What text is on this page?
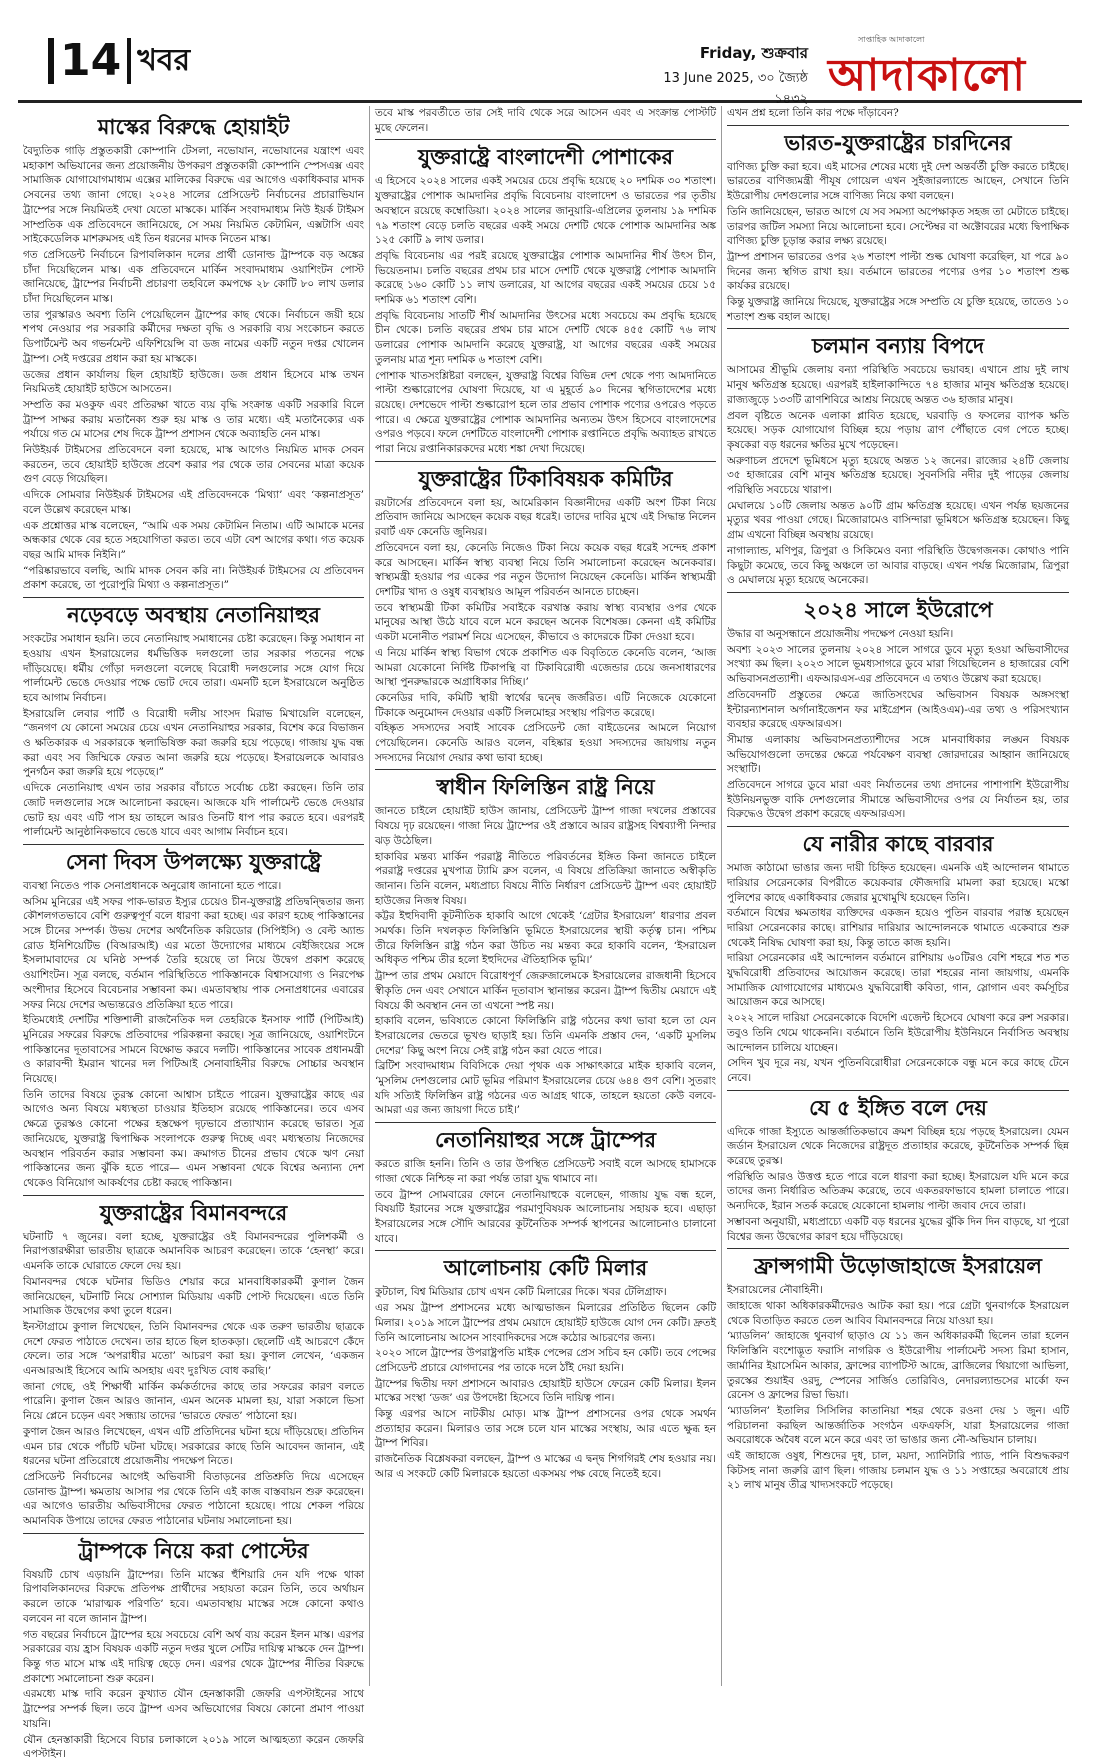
14 খবর	Friday, শুক্রবার
13 June 2025, ৩০ জ্যৈষ্ঠ ১৪৩২
সাপ্তাহিক আদাকালো
আদাকালো
মাস্কের বিরুদ্ধে হোয়াইট

বৈদ্যুতিক গাড়ি প্রস্তুতকারী কোম্পানি টেসলা, নভোযান, নভোযানের যন্ত্রাংশ এবং মহাকাশ অভিযানের জন্য প্রয়োজনীয় উপকরণ প্রস্তুতকারী কোম্পানি স্পেসএক্স এবং সামাজিক যোগাযোগমাধ্যম এক্সের মালিকের বিরুদ্ধে এর আগেও একাধিকবার মাদক সেবনের তথ্য জানা গেছে। ২০২৪ সালের প্রেসিডেন্ট নির্বাচনের প্রচারাভিযান ট্রাম্পের সঙ্গে নিয়মিতই দেখা যেতো মাস্ককে। মার্কিন সংবাদমাধ্যম নিউ ইয়র্ক টাইমস সাম্প্রতিক এক প্রতিবেদনে জানিয়েছে, সে সময় নিয়মিত কেটামিন, এক্সটাসি এবং সাইকেডেলিক মাশরুমসহ এই তিন ধরনের মাদক নিতেন মাস্ক।

গত প্রেসিডেন্ট নির্বাচনে রিপাবলিকান দলের প্রার্থী ডোনাল্ড ট্রাম্পকে বড় অঙ্কের চাঁদা দিয়েছিলেন মাস্ক। এক প্রতিবেদনে মার্কিন সংবাদমাধ্যম ওয়াশিংটন পোস্ট জানিয়েছে, ট্রাম্পের নির্বাচনী প্রচারণা তহবিলে কমপক্ষে ২৮ কোটি ৮০ লাখ ডলার চাঁদা দিয়েছিলেন মাস্ক।

তার পুরস্কারও অবশ্য তিনি পেয়েছিলেন ট্রাম্পের কাছ থেকে। নির্বাচনে জয়ী হয়ে শপথ নেওয়ার পর সরকারি কর্মীদের দক্ষতা বৃদ্ধি ও সরকারি ব্যয় সংকোচন করতে ডিপার্টমেন্ট অব গভর্নমেন্ট এফিশিয়েন্সি বা ডজ নামের একটি নতুন দপ্তর খোলেন ট্রাম্প। সেই দপ্তরের প্রধান করা হয় মাস্ককে।

ডজের প্রধান কার্যালয় ছিল হোয়াইট হাউজে। ডজ প্রধান হিসেবে মাস্ক তখন নিয়মিতই হোয়াইট হাউসে আসতেন।

সম্প্রতি কর মওকুফ এবং প্রতিরক্ষা খাতে ব্যয় বৃদ্ধি সংক্রান্ত একটি সরকারি বিলে ট্রাম্প সাক্ষর করায় মতানৈক্য শুরু হয় মাস্ক ও তার মধ্যে। এই মতানৈক্যের এক পর্যায়ে গত মে মাসের শেষ দিকে ট্রাম্প প্রশাসন থেকে অব্যাহতি নেন মাস্ক।

নিউইয়র্ক টাইমসের প্রতিবেদনে বলা হয়েছে, মাস্ক আগেও নিয়মিত মাদক সেবন করতেন, তবে হোয়াইট হাউজে প্রবেশ করার পর থেকে তার সেবনের মাত্রা কয়েক গুণ বেড়ে গিয়েছিল।

এদিকে সোমবার নিউইয়র্ক টাইমসের এই প্রতিবেদনকে ‘মিথ্যা’ এবং ‘কল্পনাপ্রসূত’ বলে উল্লেখ করেছেন মাস্ক।

এক প্রশ্নোত্তর মাস্ক বলেছেন, “আমি এক সময় কেটামিন নিতাম। এটি আমাকে মনের অন্ধকার থেকে বের হতে সহযোগিতা করত। তবে এটা বেশ আগের কথা। গত কয়েক বছর আমি মাদক নিইনি।”

“পরিষ্কারভাবে বলছি, আমি মাদক সেবন করি না। নিউইয়র্ক টাইমসের যে প্রতিবেদন প্রকাশ করেছে, তা পুরোপুরি মিথ্যা ও কল্পনাপ্রসূত।”

নড়েবড়ে অবস্থায় নেতানিয়াহুর

সংকটের সমাধান হয়নি। তবে নেতানিয়াহু সমাধানের চেষ্টা করেছেন। কিন্তু সমাধান না হওয়ায় এখন ইসরায়েলের ধর্মভিত্তিক দলগুলো তার সরকার পতনের পক্ষে দাঁড়িয়েছে। ধর্মীয় গোঁড়া দলগুলো বলেছে বিরোধী দলগুলোর সঙ্গে যোগ দিয়ে পার্লামেন্ট ভেঙে দেওয়ার পক্ষে ভোট দেবে তারা। এমনটি হলে ইসরায়েলে অনুষ্ঠিত হবে আগাম নির্বাচন।

ইসরায়েলি লেবার পার্টি ও বিরোধী দলীয় সাংসদ মিরাভ মিখায়েলি বলেছেন, “জনগণ যে কোনো সময়ের চেয়ে এখন নেতানিয়াহুর সরকার, বিশেষ করে বিভাজন ও ক্ষতিকারক এ সরকারকে স্থলাভিষিক্ত করা জরুরি হয়ে পড়েছে। গাজায় যুদ্ধ বন্ধ করা এবং সব জিম্মিকে ফেরত আনা জরুরি হয়ে পড়েছে। ইসরায়েলকে আবারও পুনর্গঠন করা জরুরি হয়ে পড়েছে।”

এদিকে নেতানিয়াহু এখন তার সরকার বাঁচাতে সর্বোচ্চ চেষ্টা করছেন। তিনি তার জোট দলগুলোর সঙ্গে আলোচনা করছেন। আজকে যদি পার্লামেন্ট ভেঙে দেওয়ার ভোট হয় এবং এটি পাস হয় তাহলে আরও তিনটি ধাপ পার করতে হবে। এরপরই পার্লামেন্ট আনুষ্ঠানিকভাবে ভেঙে যাবে এবং আগাম নির্বাচন হবে।

সেনা দিবস উপলক্ষ্যে যুক্তরাষ্ট্রে

ব্যবস্থা নিতেও পাক সেনাপ্রধানকে অনুরোধ জানানো হতে পারে।

অসিম মুনিরের এই সফর পাক-ভারত ইস্যুর চেয়েও চীন-যুক্তরাষ্ট্র প্রতিদ্বন্দ্বিতার জন্য কৌশলগতভাবে বেশি গুরুত্বপূর্ণ বলে ধারণা করা হচ্ছে। এর কারণ হচ্ছে পাকিস্তানের সঙ্গে চীনের সম্পর্ক। উভয় দেশের অর্থনৈতিক করিডোর (সিপিইসি) ও বেল্ট অ্যান্ড রোড ইনিশিয়েটিভ (বিআরআই) এর মতো উদ্যোগের মাধ্যমে বেইজিংয়ের সঙ্গে ইসলামাবাদের যে ঘনিষ্ঠ সম্পর্ক তৈরি হয়েছে তা নিয়ে উদ্বেগ প্রকাশ করেছে ওয়াশিংটন। সূত্র বলছে, বর্তমান পরিস্থিতিতে পাকিস্তানকে বিশ্বাসযোগ্য ও নিরপেক্ষ অংশীদার হিসেবে বিবেচনার সম্ভাবনা কম। এমতাবস্থায় পাক সেনাপ্রধানের এবারের সফর নিয়ে দেশের অভ্যন্তরেও প্রতিক্রিয়া হতে পারে।

ইতিমধ্যেই দেশটির শক্তিশালী রাজনৈতিক দল তেহরিকে ইনসাফ পার্টি (পিটিআই) মুনিরের সফরের বিরুদ্ধে প্রতিবাদের পরিকল্পনা করছে। সূত্র জানিয়েছে, ওয়াশিংটনে পাকিস্তানের দূতাবাসের সামনে বিক্ষোভ করবে দলটি। পাকিস্তানের সাবেক প্রধানমন্ত্রী ও কারাবন্দী ইমরান খানের দল পিটিআই সেনাবাহিনীর বিরুদ্ধে সোচ্চার অবস্থান নিয়েছে।

তিনি তাদের বিষয়ে তুরস্ক কোনো আশ্বাস চাইতে পারেন। যুক্তরাষ্ট্রের কাছে এর আগেও অন্য বিষয়ে মধ্যস্থতা চাওয়ার ইতিহাস রয়েছে পাকিস্তানের। তবে এসব ক্ষেত্রে তুরস্কও কোনো পক্ষের হস্তক্ষেপ দৃঢ়ভাবে প্রত্যাখ্যান করেছে ভারত। সূত্র জানিয়েছে, যুক্তরাষ্ট্র দ্বিপাক্ষিক সংলাপকে গুরুত্ব দিচ্ছে এবং মধ্যস্থতায় নিজেদের অবস্থান পরিবর্তন করার সম্ভাবনা কম। ক্রমাগত চীনের প্রভাব থেকে ঋণ নেয়া পাকিস্তানের জন্য ঝুঁকি হতে পারে— এমন সম্ভাবনা থেকে বিশ্বের অন্যান্য দেশ থেকেও বিনিয়োগ আকর্ষণের চেষ্টা করছে পাকিস্তান।

যুক্তরাষ্ট্রের বিমানবন্দরে

ঘটনাটি ৭ জুনের। বলা হচ্ছে, যুক্তরাষ্ট্রের ওই বিমানবন্দরের পুলিশকর্মী ও নিরাপত্তারক্ষীরা ভারতীয় ছাত্রকে অমানবিক আচরণ করেছেন। তাকে ‘হেনস্থা’ করে। এমনকি তাকে ঘোরাতে ফেলে দেয় হয়।

বিমানবন্দর থেকে ঘটনার ভিডিও শেয়ার করে মানবাধিকারকর্মী কুণাল জৈন জানিয়েছেন, ঘটনাটি নিয়ে সোশ্যাল মিডিয়ায় একটি পোস্ট দিয়েছেন। এতে তিনি সামাজিক উদ্বেগের কথা তুলে ধরেন।

ইনস্টাগ্রামে কুণাল লিখেছেন, তিনি বিমানবন্দর থেকে এক তরুণ ভারতীয় ছাত্রকে দেশে ফেরত পাঠাতে দেখেন। তার হাতে ছিল হাতকড়া। ছেলেটি এই আচরণে কেঁদে ফেলে। তার সঙ্গে ‘অপরাধীর মতো’ আচরণ করা হয়। কুণাল লেখেন, ‘একজন এনআরআই হিসেবে আমি অসহায় এবং দুঃখিত বোধ করছি।’

জানা গেছে, ওই শিক্ষার্থী মার্কিন কর্মকর্তাদের কাছে তার সফরের কারণ বলতে পারেনি। কুণাল জৈন আরও জানান, এমন অনেক মামলা হয়, যারা সকালে ভিসা নিয়ে প্লেনে চড়েন এবং সন্ধ্যায় তাদের ‘ভারতে ফেরত’ পাঠানো হয়।

কুণাল জৈন আরও লিখেছেন, এখন এটি প্রতিদিনের ঘটনা হয়ে দাঁড়িয়েছে। প্রতিদিন এমন চার থেকে পাঁচটি ঘটনা ঘটছে। সরকারের কাছে তিনি আবেদন জানান, এই ধরনের ঘটনা প্রতিরোধে প্রয়োজনীয় পদক্ষেপ নিতে।

প্রেসিডেন্ট নির্বাচনের আগেই অভিবাসী বিতাড়নের প্রতিশ্রুতি দিয়ে এসেছেন ডোনাল্ড ট্রাম্প। ক্ষমতায় আসার পর থেকে তিনি এই কাজ বাস্তবায়ন শুরু করেছেন। এর আগেও ভারতীয় অভিবাসীদের ফেরত পাঠানো হয়েছে। পায়ে শেকল পরিয়ে অমানবিক উপায়ে তাদের ফেরত পাঠানোর ঘটনায় সমালোচনা হয়।

ট্রাম্পকে নিয়ে করা পোস্টের

বিষয়টি চোখ এড়ায়নি ট্রাম্পের। তিনি মাস্কের হুঁশিয়ারি দেন যদি পক্ষে থাকা রিপাবলিকানদের বিরুদ্ধে প্রতিপক্ষ প্রার্থীদের সহায়তা করেন তিনি, তবে অর্থায়ন করলে তাকে ‘মারাত্মক পরিণতি’ হবে। এমতাবস্থায় মাস্কের সঙ্গে কোনো কথাও বলবেন না বলে জানান ট্রাম্প।

গত বছরের নির্বাচনে ট্রাম্পের হয়ে সবচেয়ে বেশি অর্থ ব্যয় করেন ইলন মাস্ক। এরপর সরকারের ব্যয় হ্রাস বিষয়ক একটি নতুন দপ্তর খুলে সেটির দায়িত্ব মাস্ককে দেন ট্রাম্প। কিন্তু গত মাসে মাস্ক এই দায়িত্ব ছেড়ে দেন। এরপর থেকে ট্রাম্পের নীতির বিরুদ্ধে প্রকাশ্যে সমালোচনা শুরু করেন।

এরমধ্যে মাস্ক দাবি করেন কুখ্যাত যৌন হেনস্তাকারী জেফরি এপস্টাইনের সাথে ট্রাম্পের সম্পর্ক ছিল। তবে ট্রাম্প এসব অভিযোগের বিষয়ে কোনো প্রমাণ পাওয়া যায়নি।

যৌন হেনস্তাকারী হিসেবে বিচার চলাকালে ২০১৯ সালে আত্মহত্যা করেন জেফরি এপস্টাইন।

তবে মাস্ক পরবর্তীতে তার সেই দাবি থেকে সরে আসেন এবং এ সংক্রান্ত পোস্টটি মুছে ফেলেন।

যুক্তরাষ্ট্রে বাংলাদেশী পোশাকের

এ হিসেবে ২০২৪ সালের একই সময়ের চেয়ে প্রবৃদ্ধি হয়েছে ২০ দশমিক ৩০ শতাংশ। যুক্তরাষ্ট্রের পোশাক আমদানির প্রবৃদ্ধি বিবেচনায় বাংলাদেশ ও ভারতের পর তৃতীয় অবস্থানে রয়েছে কম্বোডিয়া। ২০২৪ সালের জানুয়ারি-এপ্রিলের তুলনায় ১৯ দশমিক ৭৯ শতাংশ বেড়ে চলতি বছরের একই সময়ে দেশটি থেকে পোশাক আমদানির অঙ্ক ১২৫ কোটি ৯ লাখ ডলার।

প্রবৃদ্ধি বিবেচনায় এর পরই রয়েছে যুক্তরাষ্ট্রের পোশাক আমদানির শীর্ষ উৎস চীন, ভিয়েতনাম। চলতি বছরের প্রথম চার মাসে দেশটি থেকে যুক্তরাষ্ট্র পোশাক আমদানি করেছে ১৬০ কোটি ১১ লাখ ডলারের, যা আগের বছরের একই সময়ের চেয়ে ১৫ দশমিক ৬১ শতাংশ বেশি।

প্রবৃদ্ধি বিবেচনায় সাতটি শীর্ষ আমদানির উৎসের মধ্যে সবচেয়ে কম প্রবৃদ্ধি হয়েছে চীন থেকে। চলতি বছরের প্রথম চার মাসে দেশটি থেকে ৪৫৫ কোটি ৭৬ লাখ ডলারের পোশাক আমদানি করেছে যুক্তরাষ্ট্র, যা আগের বছরের একই সময়ের তুলনায় মাত্র শূন্য দশমিক ৬ শতাংশ বেশি।

পোশাক খাতসংশ্লিষ্টরা বলছেন, যুক্তরাষ্ট্র বিশ্বের বিভিন্ন দেশ থেকে পণ্য আমদানিতে পাল্টা শুল্কারোপের ঘোষণা দিয়েছে, যা এ মুহূর্তে ৯০ দিনের স্থগিতাদেশের মধ্যে রয়েছে। দেশভেদে পাল্টা শুল্কারোপ হলে তার প্রভাব পোশাক পণ্যের ওপরেও পড়তে পারে। এ ক্ষেত্রে যুক্তরাষ্ট্রের পোশাক আমদানির অন্যতম উৎস হিসেবে বাংলাদেশের ওপরও পড়বে। ফলে দেশটিতে বাংলাদেশী পোশাক রপ্তানিতে প্রবৃদ্ধি অব্যাহত রাখতে পারা নিয়ে রপ্তানিকারকদের মধ্যে শঙ্কা দেখা দিয়েছে।

যুক্তরাষ্ট্রের টিকাবিষয়ক কমিটির

রয়টার্সের প্রতিবেদনে বলা হয়, আমেরিকান বিজ্ঞানীদের একটি অংশ টিকা নিয়ে প্রতিবাদ জানিয়ে আসছেন কয়েক বছর ধরেই। তাদের দাবির মুখে এই সিদ্ধান্ত নিলেন রবার্ট এফ কেনেডি জুনিয়র।

প্রতিবেদনে বলা হয়, কেনেডি নিজেও টিকা নিয়ে কয়েক বছর ধরেই সন্দেহ প্রকাশ করে আসছেন। মার্কিন স্বাস্থ্য ব্যবস্থা নিয়ে তিনি সমালোচনা করেছেন অনেকবার। স্বাস্থ্যমন্ত্রী হওয়ার পর একের পর নতুন উদ্যোগ নিয়েছেন কেনেডি। মার্কিন স্বাস্থ্যমন্ত্রী দেশটির খাদ্য ও ওষুধ ব্যবস্থায়ও আমূল পরিবর্তন আনতে চাচ্ছেন।

তবে স্বাস্থ্যমন্ত্রী টিকা কমিটির সবাইকে বরখাস্ত করায় স্বাস্থ্য ব্যবস্থার ওপর থেকে মানুষের আস্থা উঠে যাবে বলে মনে করছেন অনেক বিশেষজ্ঞ। কেননা এই কমিটির একটা মনোনীত পরামর্শ নিয়ে এসেছেন, কীভাবে ও কাদেরকে টিকা দেওয়া হবে।

এ নিয়ে মার্কিন স্বাস্থ্য বিভাগ থেকে প্রকাশিত এক বিবৃতিতে কেনেডি বলেন, ‘আজ আমরা যেকোনো নির্দিষ্ট টিকাপন্থি বা টিকাবিরোধী এজেন্ডার চেয়ে জনসাধারণের আস্থা পুনরুদ্ধারকে অগ্রাধিকার দিচ্ছি।’

কেনেডির দাবি, কমিটি স্থায়ী স্বার্থের দ্বন্দ্বে জর্জরিত। এটি নিজেকে যেকোনো টিকাকে অনুমোদন দেওয়ার একটি সিলমোহর সংস্থায় পরিণত করেছে।

বহিষ্কৃত সদস্যদের সবাই সাবেক প্রেসিডেন্ট জো বাইডেনের আমলে নিয়োগ পেয়েছিলেন। কেনেডি আরও বলেন, বহিষ্কার হওয়া সদস্যদের জায়গায় নতুন সদস্যদের নিয়োগ দেয়ার কথা ভাবা হচ্ছে।

স্বাধীন ফিলিস্তিন রাষ্ট্র নিয়ে

জানতে চাইলে হোয়াইট হাউস জানায়, প্রেসিডেন্ট ট্রাম্প গাজা দখলের প্রস্তাবের বিষয়ে দৃঢ় রয়েছেন। গাজা নিয়ে ট্রাম্পের ওই প্রস্তাবে আরব রাষ্ট্রসহ বিশ্বব্যাপী নিন্দার ঝড় উঠেছিল।

হাকাবির মন্তব্য মার্কিন পররাষ্ট্র নীতিতে পরিবর্তনের ইঙ্গিত কিনা জানতে চাইলে পররাষ্ট্র দপ্তরের মুখপাত্র ট্যামি ব্রুস বলেন, এ বিষয়ে প্রতিক্রিয়া জানাতে অস্বীকৃতি জানান। তিনি বলেন, মধ্যপ্রাচ্য বিষয়ে নীতি নির্ধারণ প্রেসিডেন্ট ট্রাম্প এবং হোয়াইট হাউজের নিজস্ব বিষয়।

কট্টর ইহুদিবাদী কূটনীতিক হাকাবি আগে থেকেই ‘গ্রেটার ইসরায়েল’ ধারণার প্রবল সমর্থক। তিনি দখলকৃত ফিলিস্তিনি ভূমিতে ইসরায়েলের স্থায়ী কর্তৃত্ব চান। পশ্চিম তীরে ফিলিস্তিন রাষ্ট্র গঠন করা উচিত নয় মন্তব্য করে হাকাবি বলেন, ‘ইসরায়েল অধিকৃত পশ্চিম তীর হলো ইহুদিদের ঐতিহাসিক ভূমি।’

ট্রাম্প তার প্রথম মেয়াদে বিরোধপূর্ণ জেরুজালেমকে ইসরায়েলের রাজধানী হিসেবে স্বীকৃতি দেন এবং সেখানে মার্কিন দূতাবাস স্থানান্তর করেন। ট্রাম্প দ্বিতীয় মেয়াদে এই বিষয়ে কী অবস্থান নেন তা এখনো স্পষ্ট নয়।

হাকাবি বলেন, ভবিষ্যতে কোনো ফিলিস্তিনি রাষ্ট্র গঠনের কথা ভাবা হলে তা যেন ইসরায়েলের ভেতরে ভূখণ্ড ছাড়াই হয়। তিনি এমনকি প্রস্তাব দেন, ‘একটি মুসলিম দেশের’ কিছু অংশ নিয়ে সেই রাষ্ট্র গঠন করা যেতে পারে।

ব্রিটিশ সংবাদমাধ্যম বিবিসিকে দেয়া পৃথক এক সাক্ষাৎকারে মাইক হাকাবি বলেন, ‘মুসলিম দেশগুলোর মোট ভূমির পরিমাণ ইসরায়েলের চেয়ে ৬৪৪ গুণ বেশি। সুতরাং যদি সত্যিই ফিলিস্তিন রাষ্ট্র গঠনের এত আগ্রহ থাকে, তাহলে হয়তো কেউ বলবে-আমরা এর জন্য জায়গা দিতে চাই।’

নেতানিয়াহুর সঙ্গে ট্রাম্পের

করতে রাজি হননি। তিনি ও তার উপস্থিত প্রেসিডেন্ট সবাই বলে আসছে হামাসকে গাজা থেকে নিশ্চিহ্ন না করা পর্যন্ত তারা যুদ্ধ থামাবে না।

তবে ট্রাম্প সোমবারের ফোনে নেতানিয়াহুকে বলেছেন, গাজায় যুদ্ধ বন্ধ হলে, বিষয়টি ইরানের সঙ্গে যুক্তরাষ্ট্রের পরমাণুবিষয়ক আলোচনায় সহায়ক হবে। এছাড়া ইসরায়েলের সঙ্গে সৌদি আরবের কূটনৈতিক সম্পর্ক স্থাপনের আলোচনাও চালানো যাবে।

আলোচনায় কেটি মিলার

কুটচাল, বিশ্ব মিডিয়ার চোখ এখন কেটি মিলারের দিকে। খবর টেলিগ্রাফ।

এর সময় ট্রাম্প প্রশাসনের মধ্যে আত্মভাজন মিলারের প্রতিষ্ঠিত ছিলেন কেটি মিলার। ২০১৯ সালে ট্রাম্পের প্রথম মেয়াদে হোয়াইট হাউজে যোগ দেন কেটি। দ্রুতই তিনি আলোচনায় আসেন সাংবাদিকদের সঙ্গে কঠোর আচরণের জন্য।

২০২০ সালে ট্রাম্পের উপরাষ্ট্রপতি মাইক পেন্সের প্রেস সচিব হন কেটি। তবে পেন্সের প্রেসিডেন্ট প্রচারে যোগদানের পর তাকে দলে ঠাঁই দেয়া হয়নি।

ট্রাম্পের দ্বিতীয় দফা প্রশাসনে আবারও হোয়াইট হাউসে ফেরেন কেটি মিলার। ইলন মাস্কের সংস্থা ‘ডজ’ এর উপদেষ্টা হিসেবে তিনি দায়িত্ব পান।

কিন্তু এরপর আসে নাটকীয় মোড়। মাস্ক ট্রাম্প প্রশাসনের ওপর থেকে সমর্থন প্রত্যাহার করেন। মিলারও তার সঙ্গে চলে যান মাস্কের সংস্থায়, আর এতে ক্ষুব্ধ হন ট্রাম্প শিবির।

রাজনৈতিক বিশ্লেষকরা বলছেন, ট্রাম্প ও মাস্কের এ দ্বন্দ্ব শিগগিরই শেষ হওয়ার নয়। আর এ সংকটে কেটি মিলারকে হয়তো একসময় পক্ষ বেছে নিতেই হবে।

এখন প্রশ্ন হলো তিনি কার পক্ষে দাঁড়াবেন?

ভারত-যুক্তরাষ্ট্রের চারদিনের

বাণিজ্য চুক্তি করা হবে। এই মাসের শেষের মধ্যে দুই দেশ অন্তর্বর্তী চুক্তি করতে চাইছে। ভারতের বাণিজ্যমন্ত্রী পীযূষ গোয়েল এখন সুইজারল্যান্ডে আছেন, সেখানে তিনি ইউরোপীয় দেশগুলোর সঙ্গে বাণিজ্য নিয়ে কথা বলছেন।

তিনি জানিয়েছেন, ভারত আগে যে সব সমস্যা অপেক্ষাকৃত সহজ তা মেটাতে চাইছে। তারপর জটিল সমস্যা নিয়ে আলোচনা হবে। সেপ্টেম্বর বা অক্টোবরের মধ্যে দ্বিপাক্ষিক বাণিজ্য চুক্তি চূড়ান্ত করার লক্ষ্য রয়েছে।

ট্রাম্প প্রশাসন ভারতের ওপর ২৬ শতাংশ পাল্টা শুল্ক ঘোষণা করেছিল, যা পরে ৯০ দিনের জন্য স্থগিত রাখা হয়। বর্তমানে ভারতের পণ্যের ওপর ১০ শতাংশ শুল্ক কার্যকর রয়েছে।

কিন্তু যুক্তরাষ্ট্র জানিয়ে দিয়েছে, যুক্তরাষ্ট্রের সঙ্গে সম্প্রতি যে চুক্তি হয়েছে, তাতেও ১০ শতাংশ শুল্ক বহাল আছে।

চলমান বন্যায় বিপদে

আসামের শ্রীভূমি জেলায় বন্যা পরিস্থিতি সবচেয়ে ভয়াবহ। এখানে প্রায় দুই লাখ মানুষ ক্ষতিগ্রস্ত হয়েছে। এরপরই হাইলাকান্দিতে ৭৪ হাজার মানুষ ক্ষতিগ্রস্ত হয়েছে। রাজ্যজুড়ে ১৩৩টি ত্রাণশিবিরে আশ্রয় নিয়েছে অন্তত ৩৬ হাজার মানুষ।

প্রবল বৃষ্টিতে অনেক এলাকা প্লাবিত হয়েছে, ঘরবাড়ি ও ফসলের ব্যাপক ক্ষতি হয়েছে। সড়ক যোগাযোগ বিচ্ছিন্ন হয়ে পড়ায় ত্রাণ পৌঁছাতে বেগ পেতে হচ্ছে। কৃষকেরা বড় ধরনের ক্ষতির মুখে পড়েছেন।

অরুণাচল প্রদেশে ভূমিধসে মৃত্যু হয়েছে অন্তত ১২ জনের। রাজ্যের ২৪টি জেলায় ৩৫ হাজারের বেশি মানুষ ক্ষতিগ্রস্ত হয়েছে। সুবনসিরি নদীর দুই পাড়ের জেলায় পরিস্থিতি সবচেয়ে খারাপ।

মেঘালয়ে ১০টি জেলায় অন্তত ৯০টি গ্রাম ক্ষতিগ্রস্ত হয়েছে। এখন পর্যন্ত ছয়জনের মৃত্যুর খবর পাওয়া গেছে। মিজোরামেও বাসিন্দারা ভূমিধসে ক্ষতিগ্রস্ত হয়েছেন। কিছু গ্রাম এখনো বিচ্ছিন্ন অবস্থায় রয়েছে।

নাগাল্যান্ড, মণিপুর, ত্রিপুরা ও সিকিমেও বন্যা পরিস্থিতি উদ্বেগজনক। কোথাও পানি কিছুটা কমেছে, তবে কিছু অঞ্চলে তা আবার বাড়ছে। এখন পর্যন্ত মিজোরাম, ত্রিপুরা ও মেঘালয়ে মৃত্যু হয়েছে অনেকের।

২০২৪ সালে ইউরোপে

উদ্ধার বা অনুসন্ধানে প্রয়োজনীয় পদক্ষেপ নেওয়া হয়নি।

অবশ্য ২০২৩ সালের তুলনায় ২০২৪ সালে সাগরে ডুবে মৃত্যু হওয়া অভিবাসীদের সংখ্যা কম ছিল। ২০২৩ সালে ভূমধ্যসাগরে ডুবে মারা গিয়েছিলেন ৪ হাজারের বেশি অভিবাসনপ্রত্যাশী। এফআরএস-এর প্রতিবেদনে এ তথ্যও উল্লেখ করা হয়েছে।

প্রতিবেদনটি প্রস্তুতের ক্ষেত্রে জাতিসংঘের অভিবাসন বিষয়ক অঙ্গসংস্থা ইন্টারন্যাশনাল অর্গানাইজেশন ফর মাইগ্রেশন (আইওএম)-এর তথ্য ও পরিসংখ্যান ব্যবহার করেছে এফআরএস।

সীমান্ত এলাকায় অভিবাসনপ্রত্যাশীদের সঙ্গে মানবাধিকার লঙ্ঘন বিষয়ক অভিযোগগুলো তদন্তের ক্ষেত্রে পর্যবেক্ষণ ব্যবস্থা জোরদারের আহ্বান জানিয়েছে সংস্থাটি।

প্রতিবেদনে সাগরে ডুবে মারা এবং নির্যাতনের তথ্য প্রদানের পাশাপাশি ইউরোপীয় ইউনিয়নভুক্ত বাকি দেশগুলোর সীমান্তে অভিবাসীদের ওপর যে নির্যাতন হয়, তার বিরুদ্ধেও উদ্বেগ প্রকাশ করেছে এফআরএস।

যে নারীর কাছে বারবার

সমাজ কাঠামো ভাঙার জন্য দায়ী চিহ্নিত হয়েছেন। এমনকি এই আন্দোলন থামাতে দারিয়ার সেরেনকোর বিপরীতে কয়েকবার ফৌজদারি মামলা করা হয়েছে। মস্কো পুলিশের কাছে একাধিকবার জেরার মুখোমুখি হয়েছেন তিনি।

বর্তমানে বিশ্বের ক্ষমতাধর ব্যক্তিদের একজন হয়েও পুতিন বারবার পরাস্ত হয়েছেন দারিয়া সেরেনকোর কাছে। রাশিয়ার দারিয়ার আন্দোলনকে থামাতে একেবারে শুরু থেকেই নিষিদ্ধ ঘোষণা করা হয়, কিন্তু তাতে কাজ হয়নি।

দারিয়া সেরেনকোর এই আন্দোলন বর্তমানে রাশিয়ায় ৬০টিরও বেশি শহরে শত শত যুদ্ধবিরোধী প্রতিবাদের আয়োজন করেছে। তারা শহরের নানা জায়গায়, এমনকি সামাজিক যোগাযোগের মাধ্যমেও যুদ্ধবিরোধী কবিতা, গান, স্লোগান এবং কর্মসূচির আয়োজন করে আসছে।

২০২২ সালে দারিয়া সেরেনকোকে বিদেশি এজেন্ট হিসেবে ঘোষণা করে রুশ সরকার। তবুও তিনি থেমে থাকেননি। বর্তমানে তিনি ইউরোপীয় ইউনিয়নে নির্বাসিত অবস্থায় আন্দোলন চালিয়ে যাচ্ছেন।

সেদিন খুব দূরে নয়, যখন পুতিনবিরোধীরা সেরেনকোকে বন্ধু মনে করে কাছে টেনে নেবে।

যে ৫ ইঙ্গিত বলে দেয়

এদিকে গাজা ইস্যুতে আন্তর্জাতিকভাবে ক্রমশ বিচ্ছিন্ন হয়ে পড়ছে ইসরায়েল। যেমন জর্ডান ইসরায়েল থেকে নিজেদের রাষ্ট্রদূত প্রত্যাহার করেছে, কূটনৈতিক সম্পর্ক ছিন্ন করেছে তুরস্ক।

পরিস্থিতি আরও উত্তপ্ত হতে পারে বলে ধারণা করা হচ্ছে। ইসরায়েল যদি মনে করে তাদের জন্য নির্ধারিত অতিক্রম করেছে, তবে একতরফাভাবে হামলা চালাতে পারে। অন্যদিকে, ইরান সতর্ক করেছে যেকোনো হামলায় পাল্টা জবাব দেবে তারা।

সম্ভাবনা অনুযায়ী, মধ্যপ্রাচ্যে একটি বড় ধরনের যুদ্ধের ঝুঁকি দিন দিন বাড়ছে, যা পুরো বিশ্বের জন্য উদ্বেগের কারণ হয়ে দাঁড়িয়েছে।

ফ্রান্সগামী উড়োজাহাজে ইসরায়েল

ইসরায়েলের নৌবাহিনী।

জাহাজে থাকা অধিকারকর্মীদেরও আটক করা হয়। পরে গ্রেটা থুনবার্গকে ইসরায়েল থেকে বিতাড়িত করতে তেল আবিব বিমানবন্দরে নিয়ে যাওয়া হয়।

‘ম্যাডলিন’ জাহাজে থুনবার্গ ছাড়াও যে ১১ জন অধিকারকর্মী ছিলেন তারা হলেন ফিলিস্তিনি বংশোদ্ভূত ফরাসি নাগরিক ও ইউরোপীয় পার্লামেন্ট সদস্য রিমা হাসান, জার্মানির ইয়াসেমিন আকার, ফ্রান্সের ব্যাপটিস্ট আন্দ্রে, ব্রাজিলের থিয়াগো আভিলা, তুরস্কের শুয়াইব ওরদু, স্পেনের সার্জিও তোরিবিও, নেদারল্যান্ডসের মার্কো ফন রেনেস ও ফ্রান্সের রিভা ভিয়া।

‘ম্যাডলিন’ ইতালির সিসিলির কাতানিয়া শহর থেকে রওনা দেয় ১ জুন। এটি পরিচালনা করছিল আন্তর্জাতিক সংগঠন এফএফসি, যারা ইসরায়েলের গাজা অবরোধকে অবৈধ বলে মনে করে এবং তা ভাঙার জন্য নৌ-অভিযান চালায়।

এই জাহাজে ওষুধ, শিশুদের দুধ, চাল, ময়দা, স্যানিটারি প্যাড, পানি বিশুদ্ধকরণ কিটসহ নানা জরুরি ত্রাণ ছিল। গাজায় চলমান যুদ্ধ ও ১১ সপ্তাহের অবরোধে প্রায় ২১ লাখ মানুষ তীব্র খাদ্যসংকটে পড়েছে।
